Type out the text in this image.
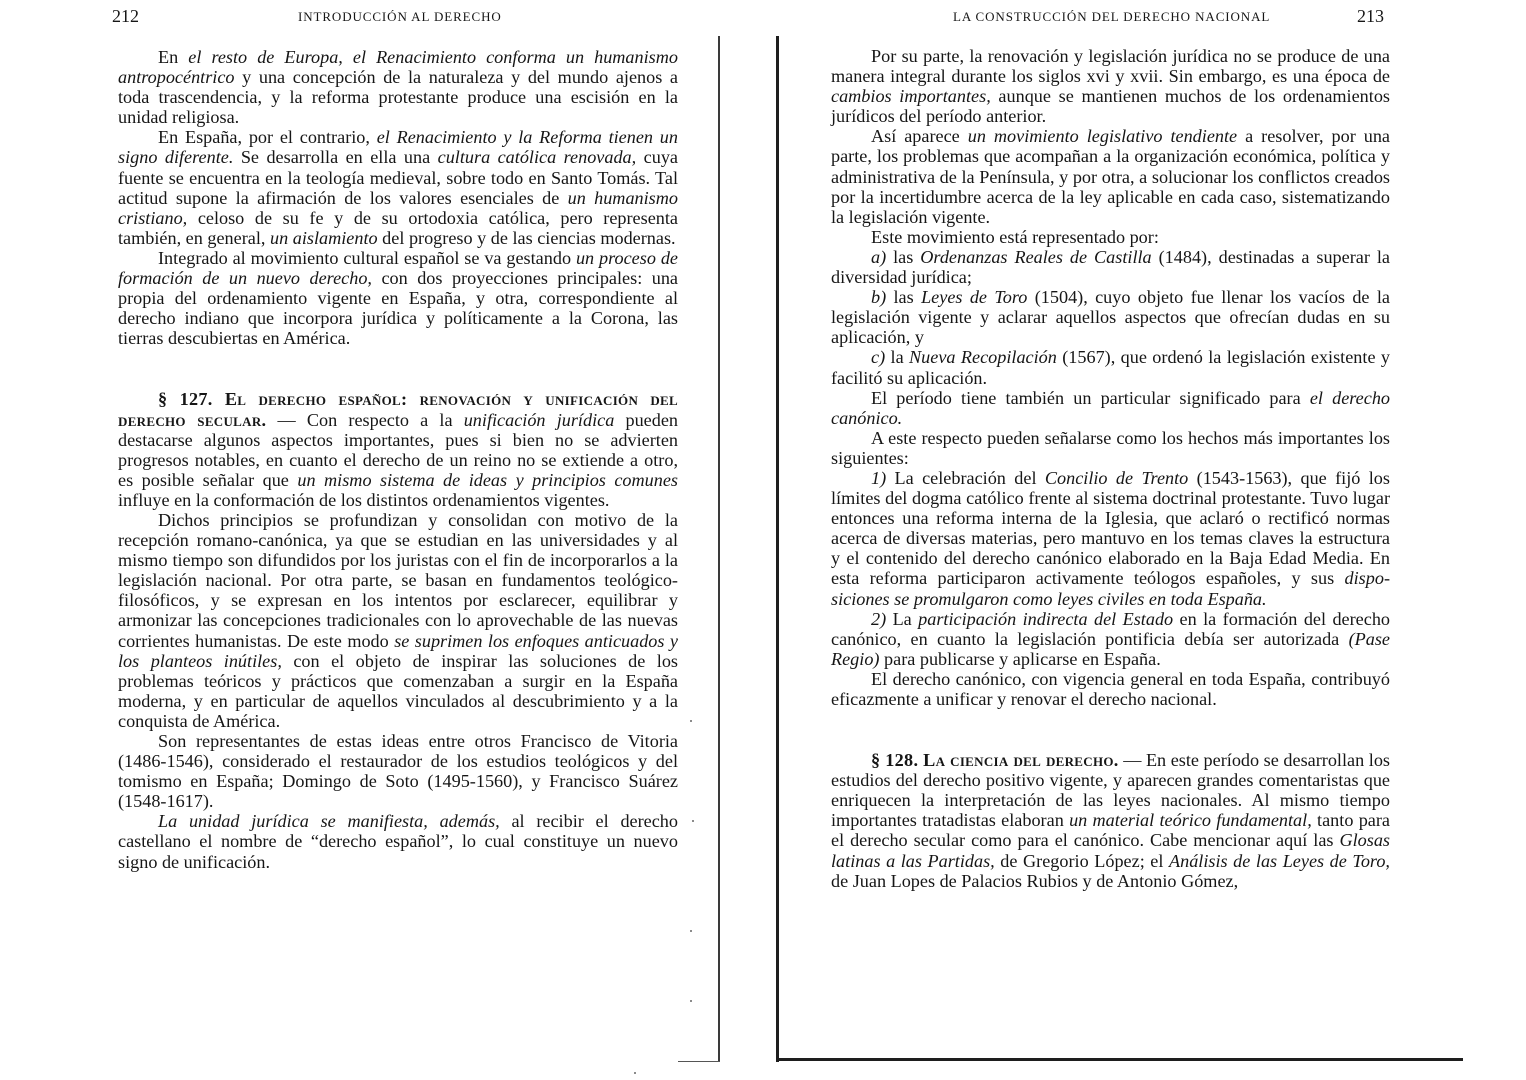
212	INTRODUCCIÓN AL DERECHO

En el resto de Europa, el Renacimiento conforma un humanismo antropocéntrico y una concepción de la naturaleza y del mundo ajenos a toda trascendencia, y la reforma protestante produce una escisión en la unidad religiosa.

En España, por el contrario, el Renacimiento y la Reforma tienen un signo diferente. Se desarrolla en ella una cultura católica renovada, cuya fuente se encuentra en la teología medieval, sobre todo en Santo Tomás. Tal actitud supone la afirmación de los valores esenciales de un humanismo cristiano, celoso de su fe y de su ortodoxia católica, pero representa también, en general, un aislamiento del progreso y de las ciencias modernas.

Integrado al movimiento cultural español se va gestando un proceso de formación de un nuevo derecho, con dos proyecciones principales: una propia del ordenamiento vigente en España, y otra, correspondiente al derecho indiano que incorpora jurídica y políticamente a la Corona, las tierras descubiertas en América.

§ 127. El derecho español: renovación y unificación del derecho secular. — Con respecto a la unificación jurídica pueden destacarse algunos aspectos importantes, pues si bien no se advierten progresos notables, en cuanto el derecho de un reino no se extiende a otro, es posible señalar que un mismo sistema de ideas y principios comunes influye en la conformación de los distintos ordenamientos vigentes.

Dichos principios se profundizan y consolidan con motivo de la recepción romano-canónica, ya que se estudian en las universidades y al mismo tiempo son difundidos por los juristas con el fin de incorporarlos a la legislación nacional. Por otra parte, se basan en fundamentos teológico-filosóficos, y se expresan en los intentos por esclarecer, equilibrar y armonizar las concepciones tradicionales con lo aprovechable de las nuevas corrientes humanistas. De este modo se suprimen los enfoques anticuados y los planteos inútiles, con el objeto de inspirar las soluciones de los problemas teóricos y prácticos que comenzaban a surgir en la España moderna, y en particular de aquellos vinculados al descubrimiento y a la conquista de América.

Son representantes de estas ideas entre otros Francisco de Vitoria (1486-1546), considerado el restaurador de los estudios teológicos y del tomismo en España; Domingo de Soto (1495-1560), y Francisco Suárez (1548-1617).

La unidad jurídica se manifiesta, además, al recibir el derecho castellano el nombre de “derecho español”, lo cual constituye un nuevo signo de unificación.

LA CONSTRUCCIÓN DEL DERECHO NACIONAL	213

Por su parte, la renovación y legislación jurídica no se produce de una manera integral durante los siglos xvi y xvii. Sin embargo, es una época de cambios importantes, aunque se mantienen muchos de los ordenamientos jurídicos del período anterior.

Así aparece un movimiento legislativo tendiente a resolver, por una parte, los problemas que acompañan a la organización económica, política y administrativa de la Península, y por otra, a solucionar los conflictos creados por la incertidumbre acerca de la ley aplicable en cada caso, sistematizando la legislación vigente.

Este movimiento está representado por:

a) las Ordenanzas Reales de Castilla (1484), destinadas a superar la diversidad jurídica;

b) las Leyes de Toro (1504), cuyo objeto fue llenar los vacíos de la legislación vigente y aclarar aquellos aspectos que ofrecían dudas en su aplicación, y

c) la Nueva Recopilación (1567), que ordenó la legislación existente y facilitó su aplicación.

El período tiene también un particular significado para el derecho canónico.

A este respecto pueden señalarse como los hechos más importantes los siguientes:

1) La celebración del Concilio de Trento (1543-1563), que fijó los límites del dogma católico frente al sistema doctrinal protestante. Tuvo lugar entonces una reforma interna de la Iglesia, que aclaró o rectificó normas acerca de diversas materias, pero mantuvo en los temas claves la estructura y el contenido del derecho canónico elaborado en la Baja Edad Media. En esta reforma participaron activamente teólogos españoles, y sus disposiciones se promulgaron como leyes civiles en toda España.

2) La participación indirecta del Estado en la formación del derecho canónico, en cuanto la legislación pontificia debía ser autorizada (Pase Regio) para publicarse y aplicarse en España.

El derecho canónico, con vigencia general en toda España, contribuyó eficazmente a unificar y renovar el derecho nacional.

§ 128. La ciencia del derecho. — En este período se desarrollan los estudios del derecho positivo vigente, y aparecen grandes comentaristas que enriquecen la interpretación de las leyes nacionales. Al mismo tiempo importantes tratadistas elaboran un material teórico fundamental, tanto para el derecho secular como para el canónico. Cabe mencionar aquí las Glosas latinas a las Partidas, de Gregorio López; el Análisis de las Leyes de Toro, de Juan Lopes de Palacios Rubios y de Antonio Gómez,
